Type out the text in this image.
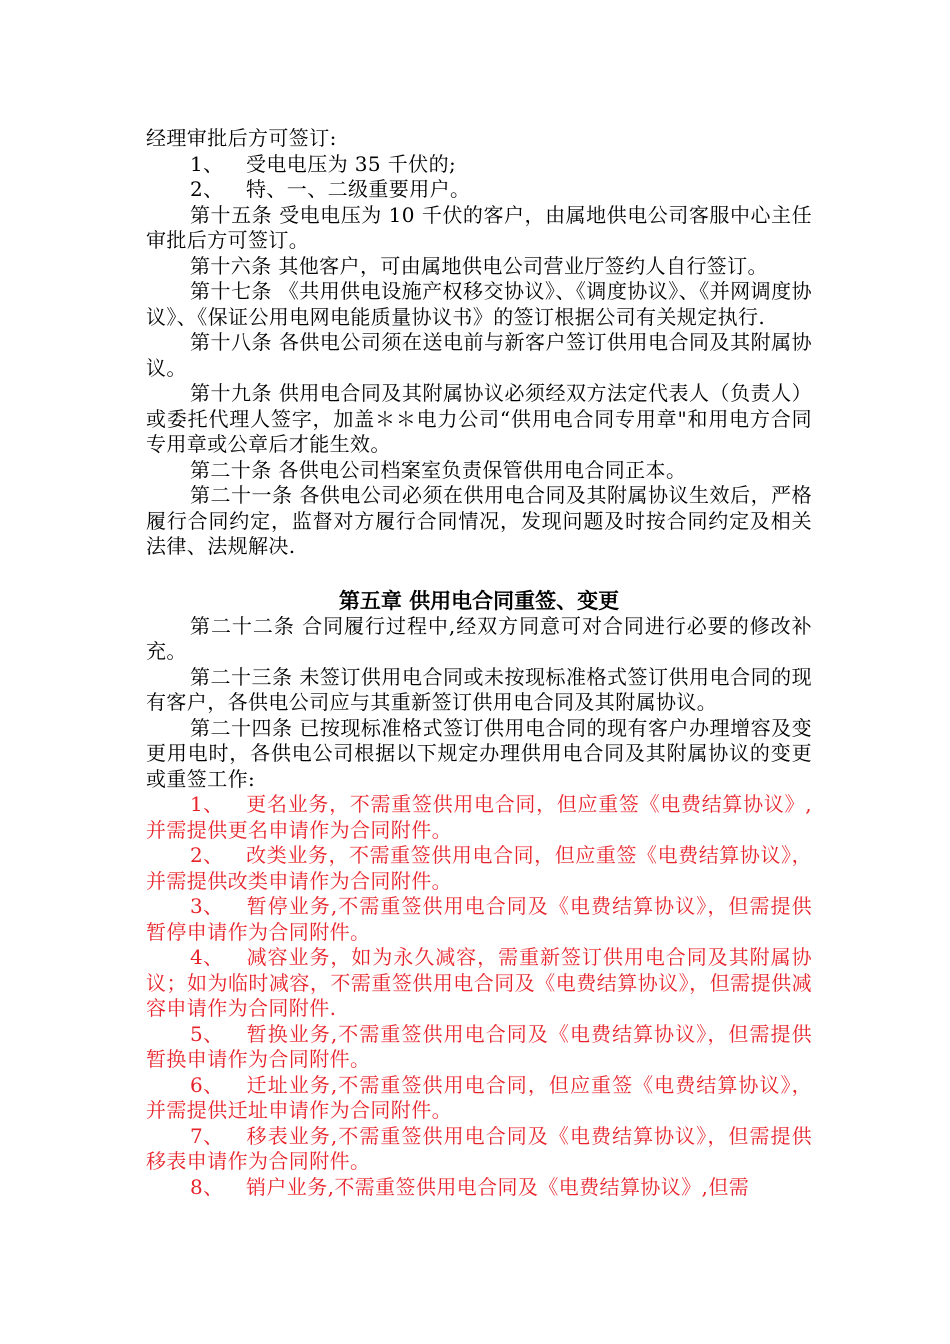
经理审批后方可签订:

1、 受电电压为 35 千伏的;

2、 特、一、二级重要用户。

第十五条 受电电压为 10 千伏的客户，由属地供电公司客服中心主任审批后方可签订。

第十六条 其他客户，可由属地供电公司营业厅签约人自行签订。

第十七条 《共用供电设施产权移交协议》、《调度协议》、《并网调度协议》、《保证公用电网电能质量协议书》的签订根据公司有关规定执行.

第十八条 各供电公司须在送电前与新客户签订供用电合同及其附属协议。

第十九条 供用电合同及其附属协议必须经双方法定代表人（负责人）或委托代理人签字，加盖＊＊电力公司“供用电合同专用章"和用电方合同专用章或公章后才能生效。

第二十条 各供电公司档案室负责保管供用电合同正本。

第二十一条 各供电公司必须在供用电合同及其附属协议生效后，严格履行合同约定，监督对方履行合同情况，发现问题及时按合同约定及相关法律、法规解决.

第五章 供用电合同重签、变更

第二十二条 合同履行过程中,经双方同意可对合同进行必要的修改补充。

第二十三条 未签订供用电合同或未按现标准格式签订供用电合同的现有客户，各供电公司应与其重新签订供用电合同及其附属协议。

第二十四条 已按现标准格式签订供用电合同的现有客户办理增容及变更用电时，各供电公司根据以下规定办理供用电合同及其附属协议的变更或重签工作:

1、 更名业务，不需重签供用电合同，但应重签《电费结算协议》,并需提供更名申请作为合同附件。

2、 改类业务，不需重签供用电合同，但应重签《电费结算协议》，并需提供改类申请作为合同附件。

3、 暂停业务,不需重签供用电合同及《电费结算协议》，但需提供暂停申请作为合同附件。

4、 减容业务，如为永久减容，需重新签订供用电合同及其附属协议；如为临时减容，不需重签供用电合同及《电费结算协议》，但需提供减容申请作为合同附件.

5、 暂换业务,不需重签供用电合同及《电费结算协议》，但需提供暂换申请作为合同附件。

6、 迁址业务,不需重签供用电合同，但应重签《电费结算协议》，并需提供迁址申请作为合同附件。

7、 移表业务,不需重签供用电合同及《电费结算协议》，但需提供移表申请作为合同附件。

8、 销户业务,不需重签供用电合同及《电费结算协议》,但需
